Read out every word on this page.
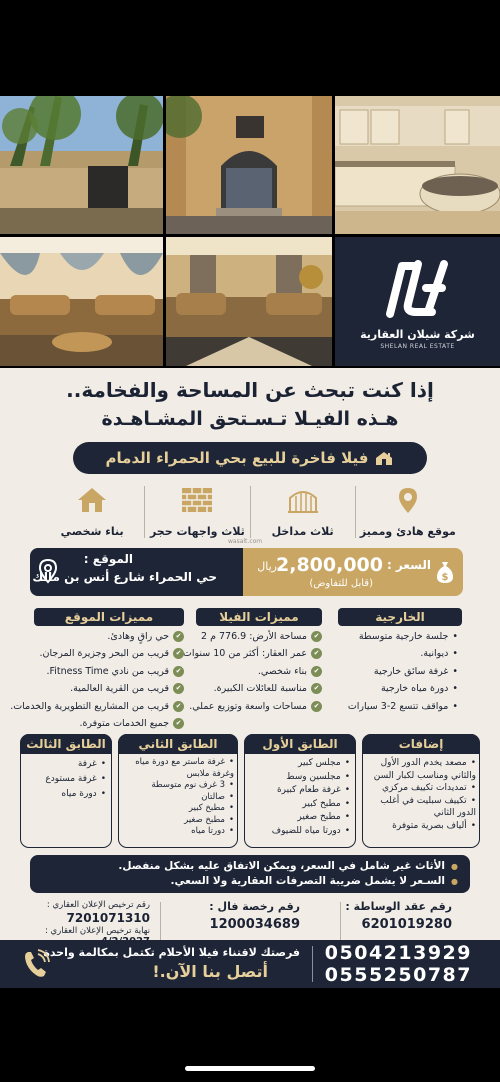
شركة شيلان العقارية
SHELAN REAL ESTATE
إذا كنت تبحث عن المساحة والفخامة..
هـذه الفيـلا تـسـتحق المشـاهـدة
فيلا فاخرة للبيع بحي الحمراء الدمام
موقع هادئ ومميز
ثلاث مداخل
ثلاث واجهات حجر
بناء شخصي
wasalt.com
$
السعر :
2,800,000
ريال
(قابل للتفاوض)
الموقع :
حي الحمراء شارع أنس بن مالك
الخارجية
• جلسة خارجية متوسطة
• ديوانية.
• غرفة سائق خارجية
• دورة مياه خارجية
• مواقف تتسع 2-3 سيارات
مميزات الفيلا
✔ مساحة الأرض: 776.9 م 2
✔ عمر العقار: أكثر من 10 سنوات.
✔ بناء شخصي.
✔ مناسبة للعائلات الكبيرة.
✔ مساحات واسعة وتوزيع عملي.
مميزات الموقع
✔ حي راقٍ وهادئ.
✔ قريب من البحر وجزيرة المرجان.
✔ قريب من نادي Fitness Time.
✔ قريب من القرية العالمية.
✔ قريب من المشاريع التطويرية والخدمات.
✔ جميع الخدمات متوفرة.
إضافات
• مصعد يخدم الدور الأول والثاني ومناسب لكبار السن
• تمديدات تكييف مركزي
• تكييف سبليت في أغلب الدور الثاني
• ألياف بصرية متوفرة
الطابق الأول
• مجلس كبير
• مجلسين وسط
• غرفة طعام كبيرة
• مطبخ كبير
• مطبخ صغير
• دورتا مياه للضيوف
الطابق الثاني
• غرفة ماستر مع دورة مياه وغرفة ملابس
• 3 غرف نوم متوسطة
• صالتان
• مطبخ كبير
• مطبخ صغير
• دورتا مياه
الطابق الثالث
• غرفة
• غرفة مستودع
• دورة مياه
● الأثاث غير شامل في السعر، ويمكن الاتفاق عليه بشكل منفصل.
● السـعر لا يشمل ضريبة التصرفات العقارية ولا السعي.
رقم عقد الوساطة :
6201019280
رقم رخصة فال :
1200034689
رقم ترخيص الإعلان العقاري :
7201071310
نهاية ترخيص الإعلان العقاري :
0504213929
0555250787
فرصتك لاقتناء فيلا الأحلام تكتمل بمكالمة واحدة
أتصل بنا الآن.!
